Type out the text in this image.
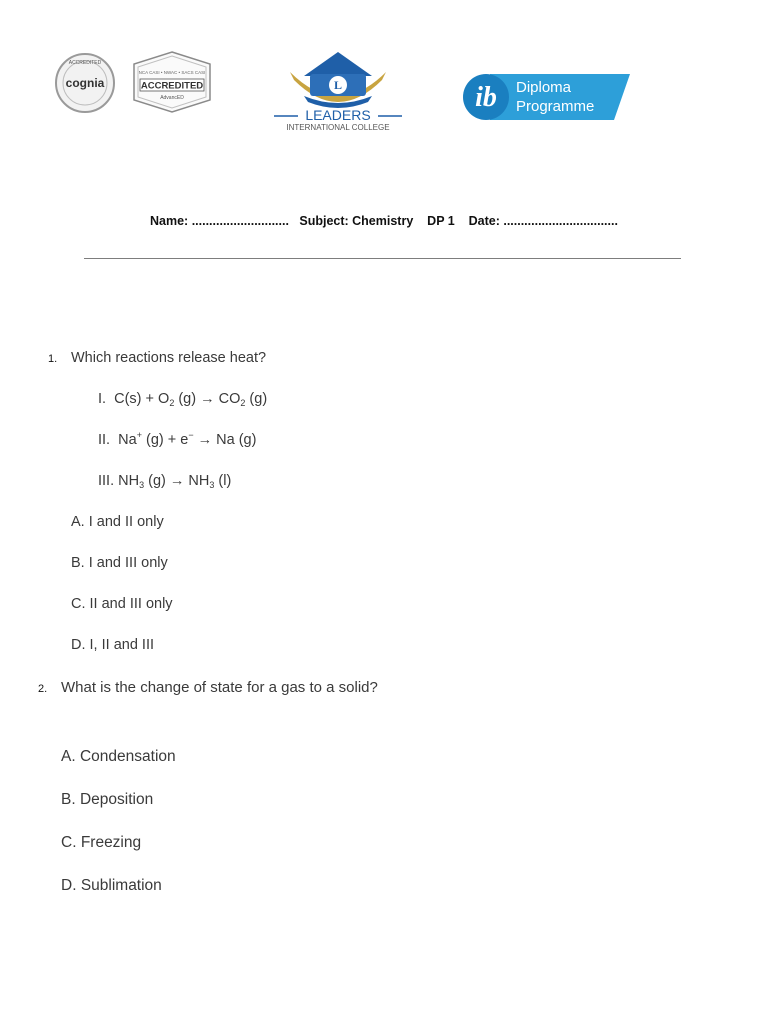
ACCREDITED
cognia
NCA CASI • NWAC • SACS CASI
ACCREDITED
AdvancED
L
LEADERS
INTERNATIONAL COLLEGE
ib Diploma
Programme
Name: ............................   Subject: Chemistry    DP 1    Date: .................................
1. Which reactions release heat?
I. $C(s) + O_2$ $(g) \to CO_2$ (g)
II. Na+ (g) + e− → Na (g)
III. $NH_3$ $(g) \to NH_3$ (l)
A. I and II only
B. I and III only
C. II and III only
D. I, II and III
2. What is the change of state for a gas to a solid?
A. Condensation
B. Deposition
C. Freezing
D. Sublimation
